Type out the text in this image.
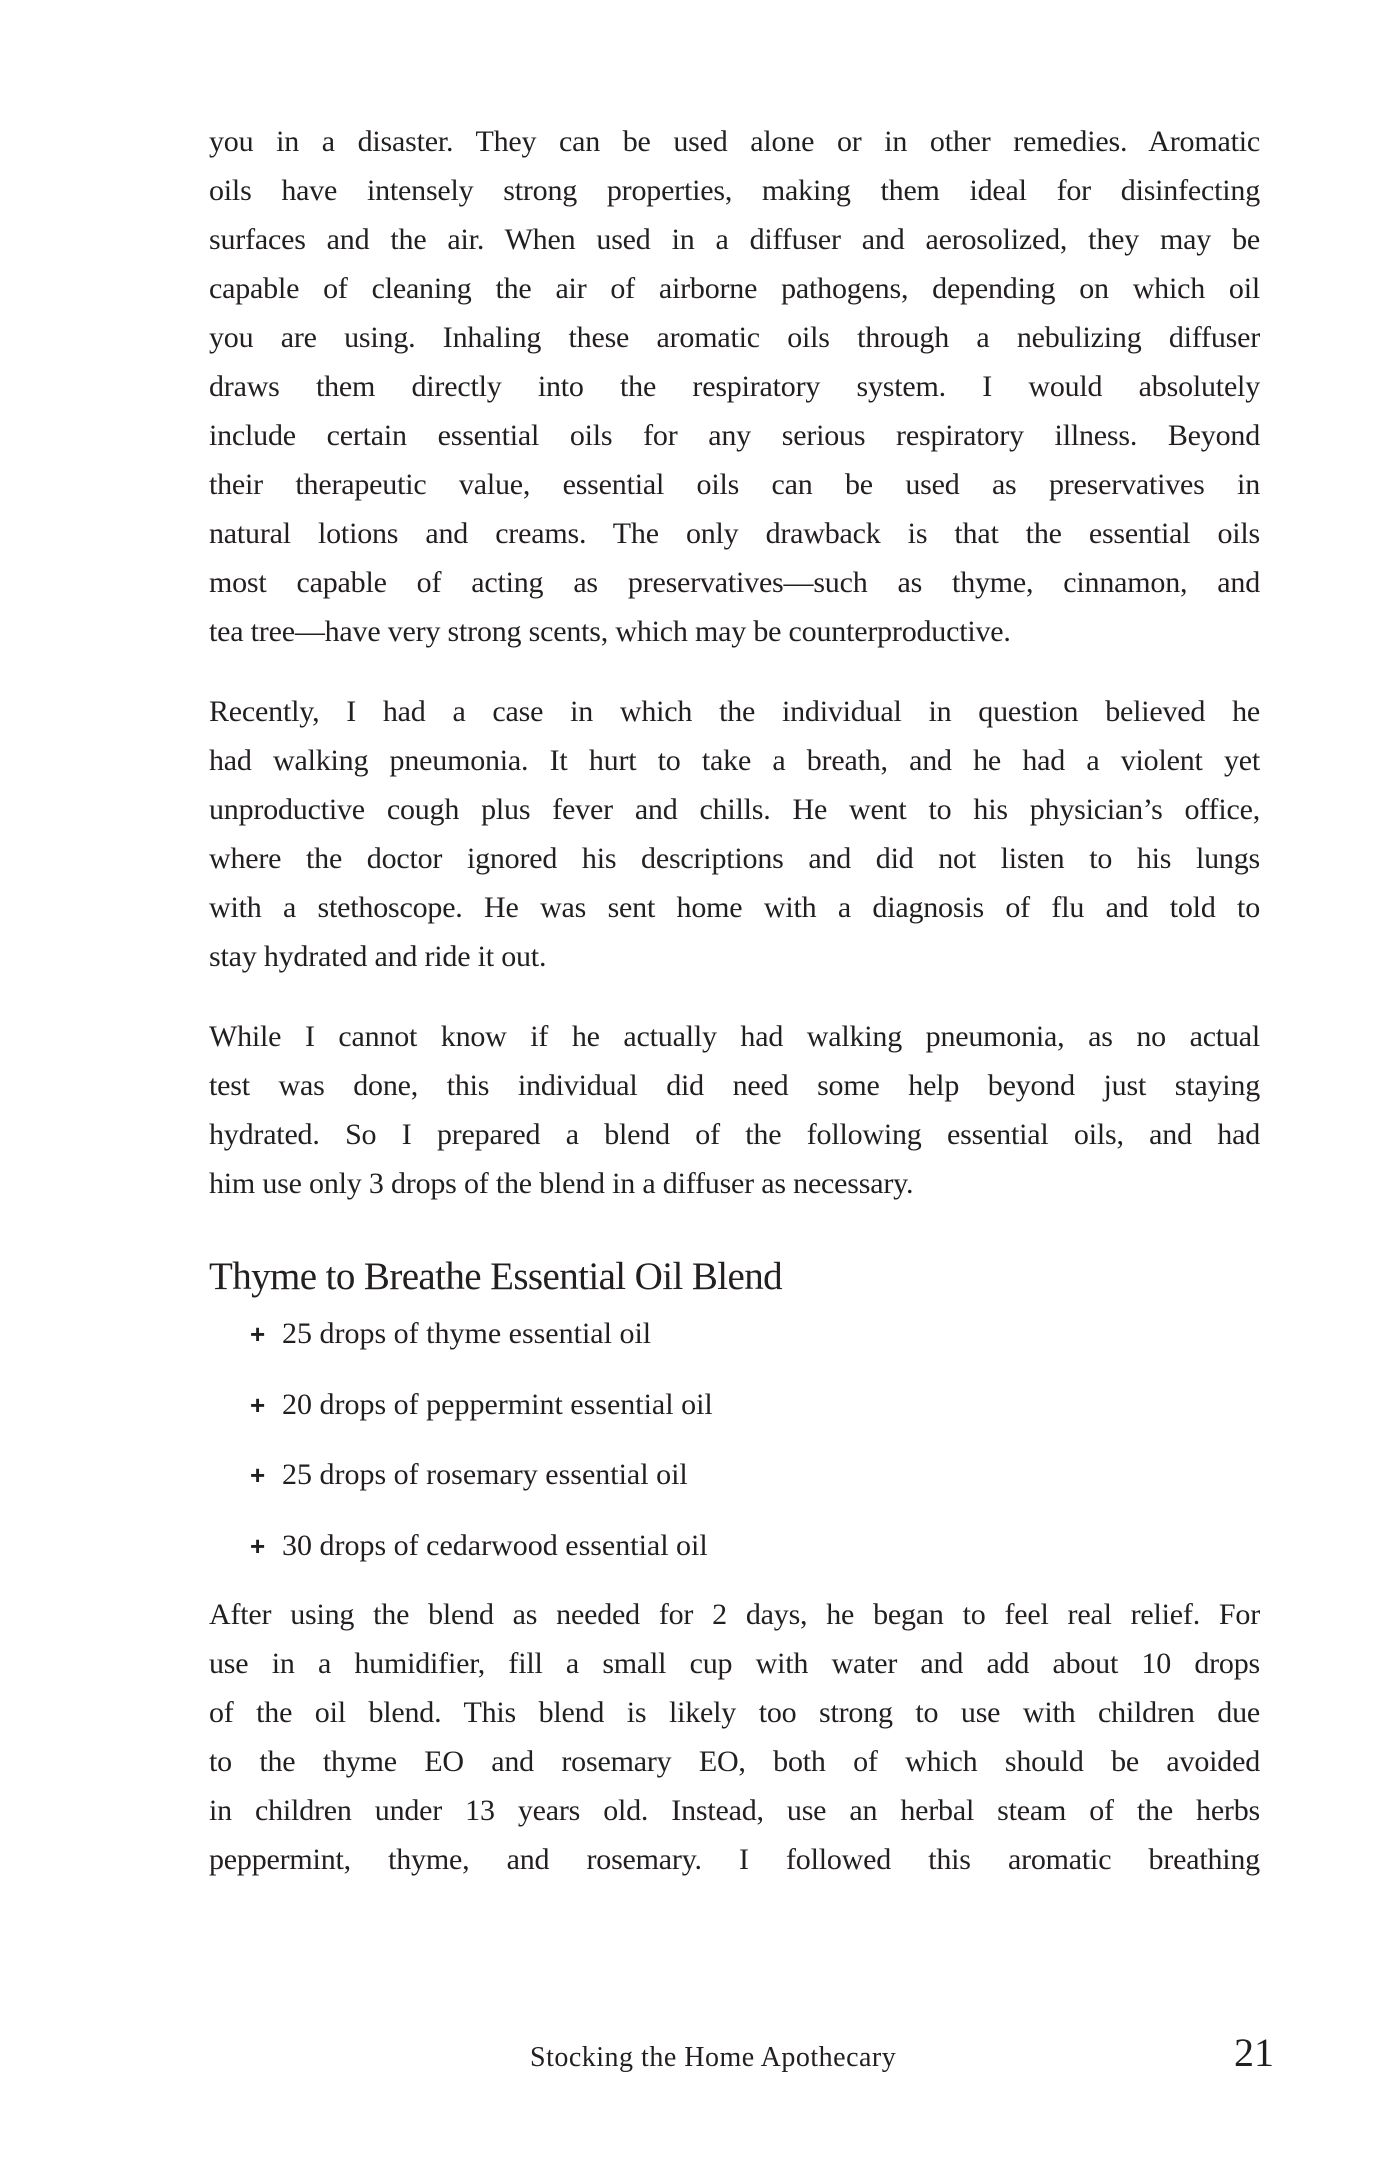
you in a disaster. They can be used alone or in other remedies. Aromatic
oils have intensely strong properties, making them ideal for disinfecting
surfaces and the air. When used in a diffuser and aerosolized, they may be
capable of cleaning the air of airborne pathogens, depending on which oil
you are using. Inhaling these aromatic oils through a nebulizing diffuser
draws them directly into the respiratory system. I would absolutely
include certain essential oils for any serious respiratory illness. Beyond
their therapeutic value, essential oils can be used as preservatives in
natural lotions and creams. The only drawback is that the essential oils
most capable of acting as preservatives—such as thyme, cinnamon, and
tea tree—have very strong scents, which may be counterproductive.
Recently, I had a case in which the individual in question believed he
had walking pneumonia. It hurt to take a breath, and he had a violent yet
unproductive cough plus fever and chills. He went to his physician’s office,
where the doctor ignored his descriptions and did not listen to his lungs
with a stethoscope. He was sent home with a diagnosis of flu and told to
stay hydrated and ride it out.
While I cannot know if he actually had walking pneumonia, as no actual
test was done, this individual did need some help beyond just staying
hydrated. So I prepared a blend of the following essential oils, and had
him use only 3 drops of the blend in a diffuser as necessary.
Thyme to Breathe Essential Oil Blend
+ 25 drops of thyme essential oil
+ 20 drops of peppermint essential oil
+ 25 drops of rosemary essential oil
+ 30 drops of cedarwood essential oil
After using the blend as needed for 2 days, he began to feel real relief. For
use in a humidifier, fill a small cup with water and add about 10 drops
of the oil blend. This blend is likely too strong to use with children due
to the thyme EO and rosemary EO, both of which should be avoided
in children under 13 years old. Instead, use an herbal steam of the herbs
peppermint, thyme, and rosemary. I followed this aromatic breathing
Stocking the Home Apothecary	21
